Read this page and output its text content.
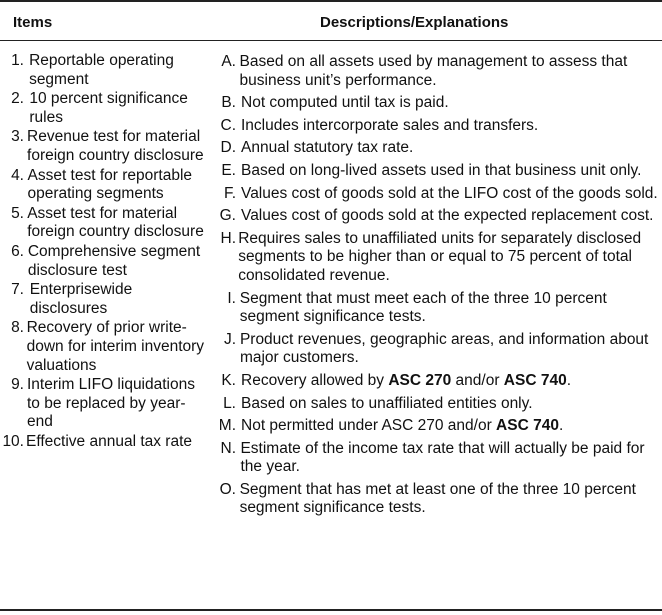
Items	Descriptions/Explanations
1. Reportable operating segment
2. 10 percent significance rules
3. Revenue test for material foreign country disclosure
4. Asset test for reportable operating segments
5. Asset test for material foreign country disclosure
6. Comprehensive segment disclosure test
7. Enterprisewide disclosures
8. Recovery of prior write-down for interim inventory valuations
9. Interim LIFO liquidations to be replaced by year-end
10. Effective annual tax rate
A. Based on all assets used by management to assess that business unit’s performance.
B. Not computed until tax is paid.
C. Includes intercorporate sales and transfers.
D. Annual statutory tax rate.
E. Based on long-lived assets used in that business unit only.
F. Values cost of goods sold at the LIFO cost of the goods sold.
G. Values cost of goods sold at the expected replacement cost.
H. Requires sales to unaffiliated units for separately disclosed segments to be higher than or equal to 75 percent of total consolidated revenue.
I. Segment that must meet each of the three 10 percent segment significance tests.
J. Product revenues, geographic areas, and information about major customers.
K. Recovery allowed by ASC 270 and/or ASC 740.
L. Based on sales to unaffiliated entities only.
M. Not permitted under ASC 270 and/or ASC 740.
N. Estimate of the income tax rate that will actually be paid for the year.
O. Segment that has met at least one of the three 10 percent segment significance tests.
